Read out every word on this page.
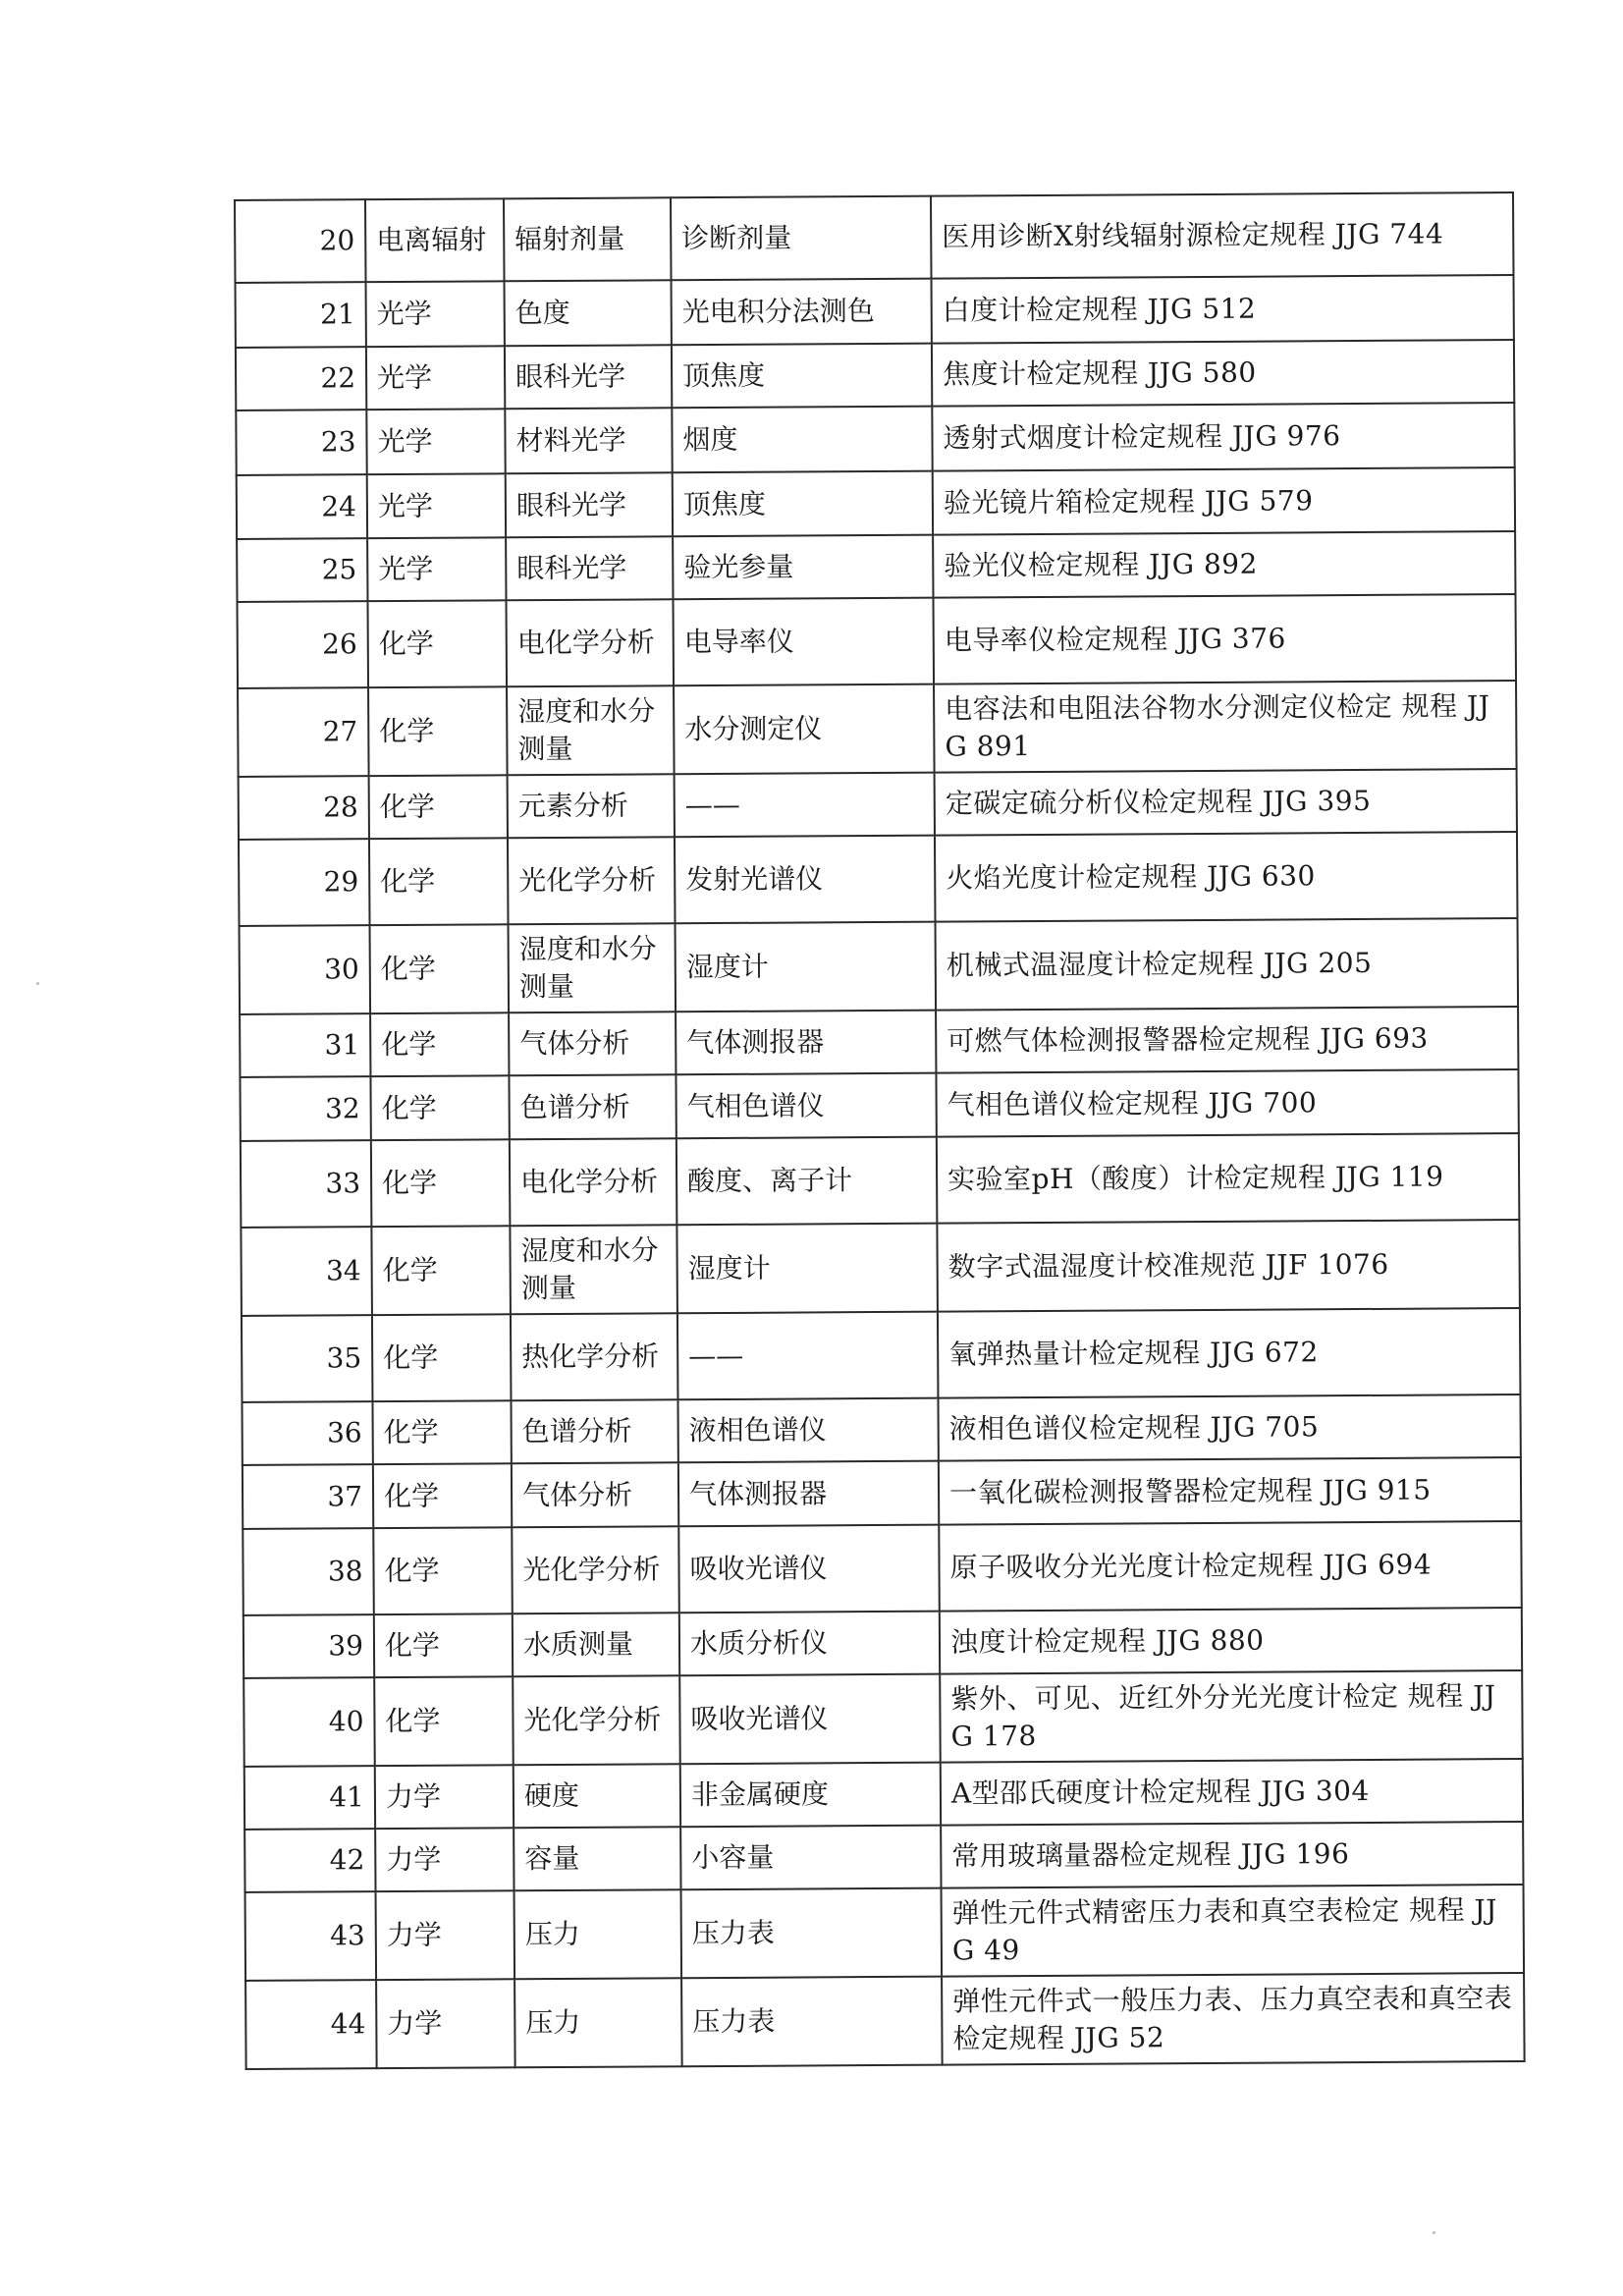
20	电离辐射	辐射剂量	诊断剂量	医用诊断X射线辐射源检定规程 JJG 744
21	光学	色度	光电积分法测色	白度计检定规程 JJG 512
22	光学	眼科光学	顶焦度	焦度计检定规程 JJG 580
23	光学	材料光学	烟度	透射式烟度计检定规程 JJG 976
24	光学	眼科光学	顶焦度	验光镜片箱检定规程 JJG 579
25	光学	眼科光学	验光参量	验光仪检定规程 JJG 892
26	化学	电化学分析	电导率仪	电导率仪检定规程 JJG 376
27	化学	湿度和水分测量	水分测定仪	电容法和电阻法谷物水分测定仪检定 规程 JJG 891
28	化学	元素分析	——	定碳定硫分析仪检定规程 JJG 395
29	化学	光化学分析	发射光谱仪	火焰光度计检定规程 JJG 630
30	化学	湿度和水分测量	湿度计	机械式温湿度计检定规程 JJG 205
31	化学	气体分析	气体测报器	可燃气体检测报警器检定规程 JJG 693
32	化学	色谱分析	气相色谱仪	气相色谱仪检定规程 JJG 700
33	化学	电化学分析	酸度、离子计	实验室pH（酸度）计检定规程 JJG 119
34	化学	湿度和水分测量	湿度计	数字式温湿度计校准规范 JJF 1076
35	化学	热化学分析	——	氧弹热量计检定规程 JJG 672
36	化学	色谱分析	液相色谱仪	液相色谱仪检定规程 JJG 705
37	化学	气体分析	气体测报器	一氧化碳检测报警器检定规程 JJG 915
38	化学	光化学分析	吸收光谱仪	原子吸收分光光度计检定规程 JJG 694
39	化学	水质测量	水质分析仪	浊度计检定规程 JJG 880
40	化学	光化学分析	吸收光谱仪	紫外、可见、近红外分光光度计检定 规程 JJG 178
41	力学	硬度	非金属硬度	A型邵氏硬度计检定规程 JJG 304
42	力学	容量	小容量	常用玻璃量器检定规程 JJG 196
43	力学	压力	压力表	弹性元件式精密压力表和真空表检定 规程 JJG 49
44	力学	压力	压力表	弹性元件式一般压力表、压力真空表和真空表检定规程 JJG 52
